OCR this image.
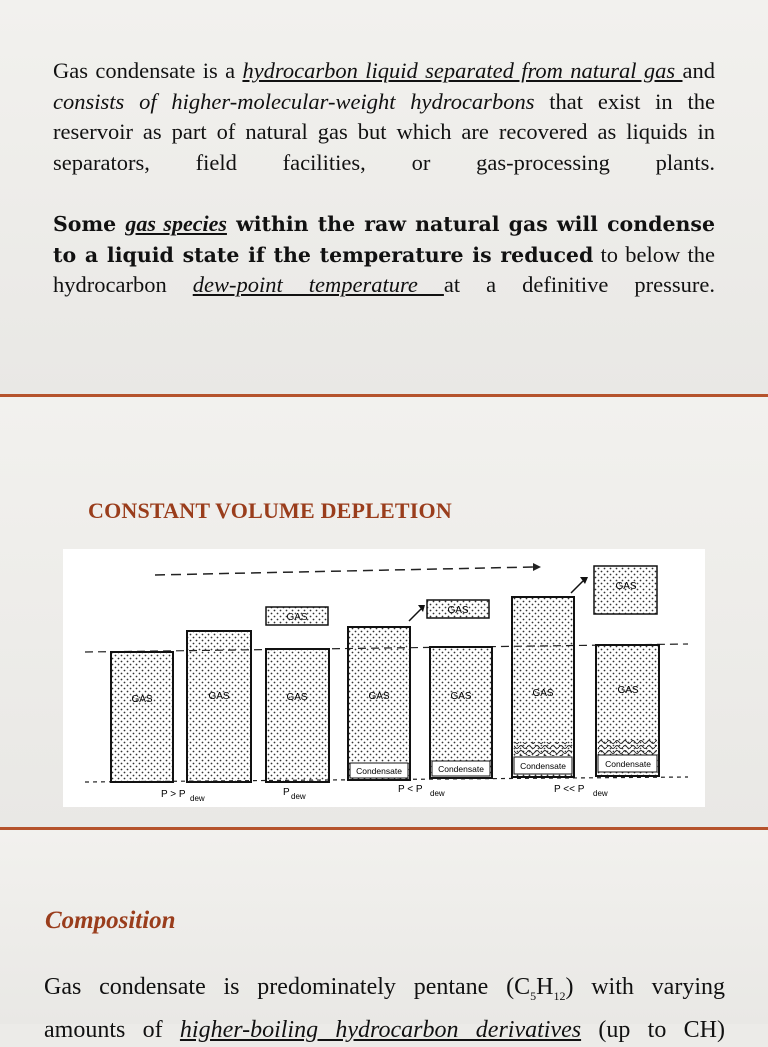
Gas condensate is a hydrocarbon liquid separated from natural gas and consists of higher-molecular-weight hydrocarbons that exist in the reservoir as part of natural gas but which are recovered as liquids in separators, field facilities, or gas-processing plants.
Some gas species within the raw natural gas will condense to a liquid state if the temperature is reduced to below the hydrocarbon dew-point temperature at a definitive pressure.
CONSTANT VOLUME DEPLETION
GAS	GAS
GAS
GAS
Condensate
GAS
GAS
Condensate
GAS
Condensate
GAS
GAS
Condensate
GAS
P > P dew
P dew
P < P dew	P << P dew
Composition
Gas condensate is predominately pentane $(C_5H_{12})$ with varying amounts of higher-boiling hydrocarbon derivatives (up to CH)
